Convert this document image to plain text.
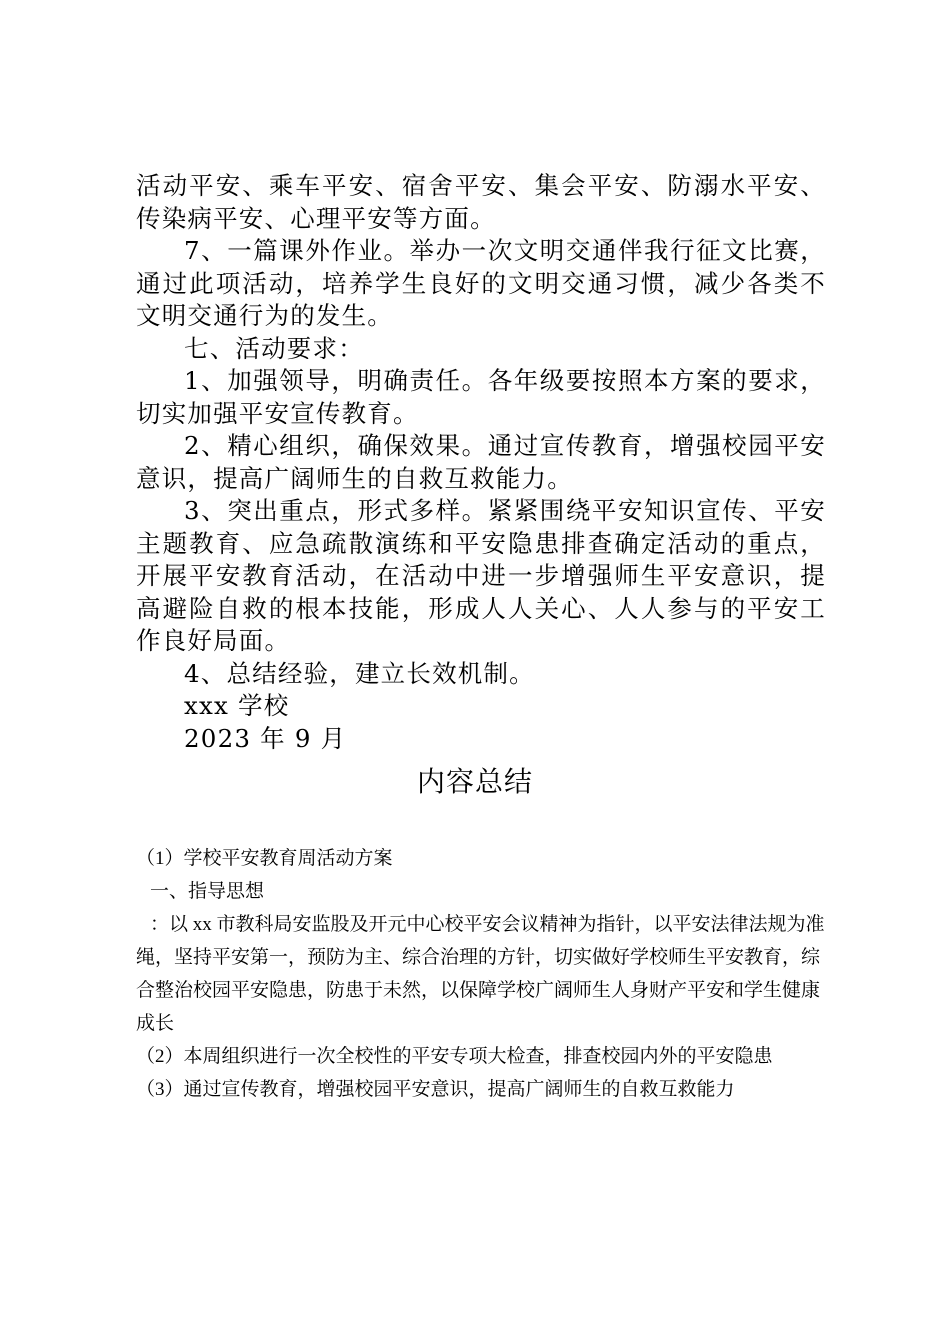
活动平安、乘车平安、宿舍平安、集会平安、防溺水平安、传染病平安、心理平安等方面。

7、一篇课外作业。举办一次文明交通伴我行征文比赛，通过此项活动，培养学生良好的文明交通习惯，减少各类不文明交通行为的发生。

七、活动要求：

1、加强领导，明确责任。各年级要按照本方案的要求，切实加强平安宣传教育。

2、精心组织，确保效果。通过宣传教育，增强校园平安意识，提高广阔师生的自救互救能力。

3、突出重点，形式多样。紧紧围绕平安知识宣传、平安主题教育、应急疏散演练和平安隐患排查确定活动的重点，开展平安教育活动，在活动中进一步增强师生平安意识，提高避险自救的根本技能，形成人人关心、人人参与的平安工作良好局面。

4、总结经验，建立长效机制。

xxx 学校

2023 年 9 月

内容总结

（1）学校平安教育周活动方案

一、指导思想

：以 xx 市教科局安监股及开元中心校平安会议精神为指针，以平安法律法规为准绳，坚持平安第一，预防为主、综合治理的方针，切实做好学校师生平安教育，综合整治校园平安隐患，防患于未然，以保障学校广阔师生人身财产平安和学生健康成长

（2）本周组织进行一次全校性的平安专项大检查，排查校园内外的平安隐患

（3）通过宣传教育，增强校园平安意识，提高广阔师生的自救互救能力
